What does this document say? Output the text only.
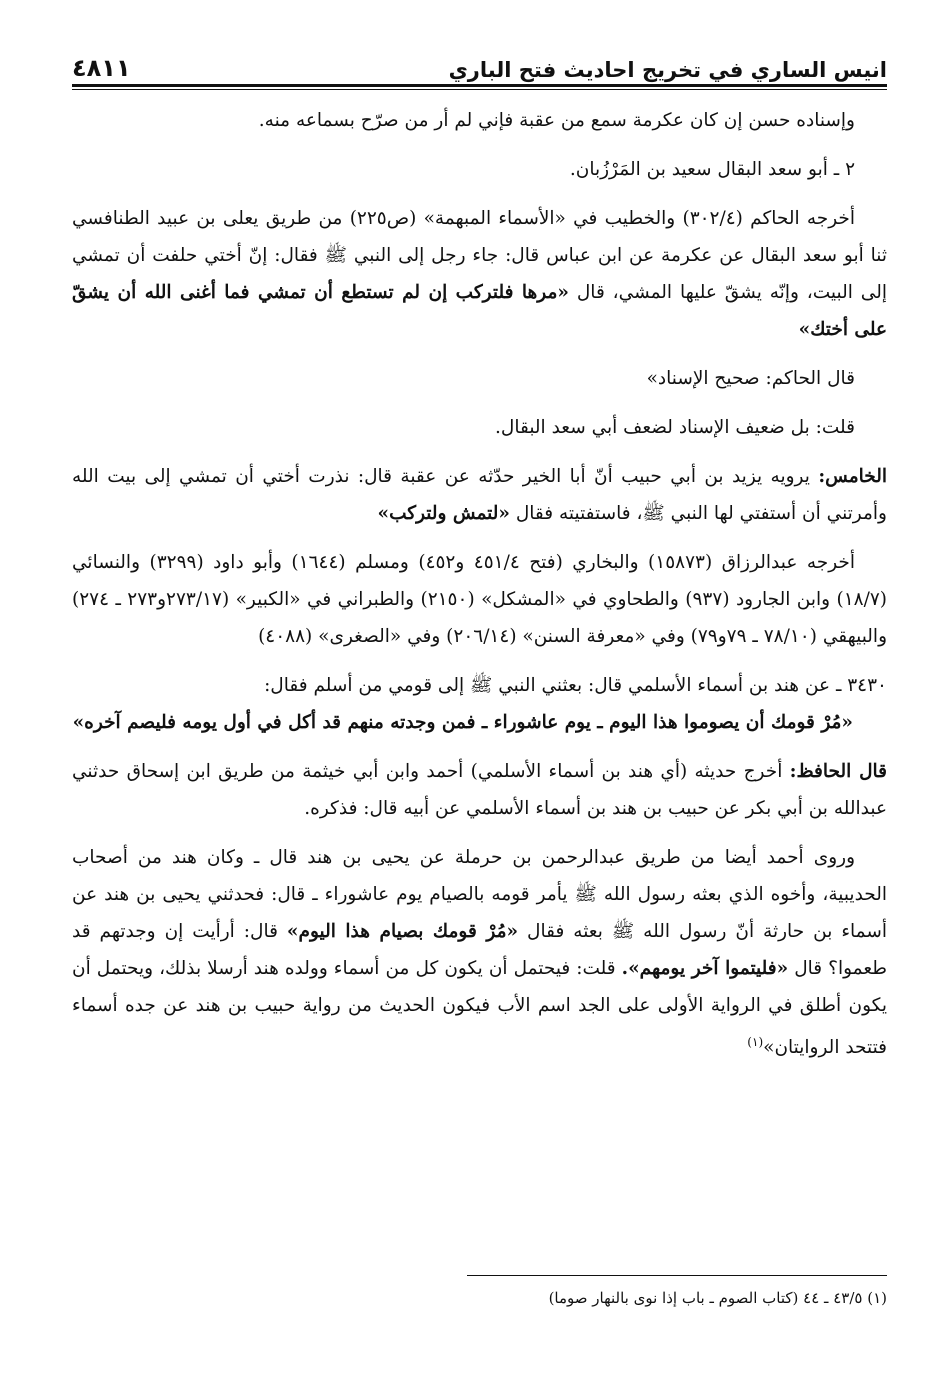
انيس الساري في تخريج احاديث فتح الباري
٤٨١١

وإسناده حسن إن كان عكرمة سمع من عقبة فإني لم أر من صرّح بسماعه منه.

٢ ـ أبو سعد البقال سعيد بن المَرْزُبان.

أخرجه الحاكم (٣٠٢/٤) والخطيب في «الأسماء المبهمة» (ص٢٢٥) من طريق يعلى بن عبيد الطنافسي ثنا أبو سعد البقال عن عكرمة عن ابن عباس قال: جاء رجل إلى النبي ﷺ فقال: إنّ أختي حلفت أن تمشي إلى البيت، وإنّه يشقّ عليها المشي، قال «مرها فلتركب إن لم تستطع أن تمشي فما أغنى الله أن يشقّ على أختك»

قال الحاكم: صحيح الإسناد»

قلت: بل ضعيف الإسناد لضعف أبي سعد البقال.

الخامس: يرويه يزيد بن أبي حبيب أنّ أبا الخير حدّثه عن عقبة قال: نذرت أختي أن تمشي إلى بيت الله وأمرتني أن أستفتي لها النبي ﷺ، فاستفتيته فقال «لتمش ولتركب»

أخرجه عبدالرزاق (١٥٨٧٣) والبخاري (فتح ٤٥١/٤ و٤٥٢) ومسلم (١٦٤٤) وأبو داود (٣٢٩٩) والنسائي (١٨/٧) وابن الجارود (٩٣٧) والطحاوي في «المشكل» (٢١٥٠) والطبراني في «الكبير» (٢٧٣/١٧و٢٧٣ ـ ٢٧٤) والبيهقي (٧٨/١٠ ـ ٧٩و٧٩) وفي «معرفة السنن» (٢٠٦/١٤) وفي «الصغرى» (٤٠٨٨)

٣٤٣٠ ـ عن هند بن أسماء الأسلمي قال: بعثني النبي ﷺ إلى قومي من أسلم فقال:

«مُرْ قومك أن يصوموا هذا اليوم ـ يوم عاشوراء ـ فمن وجدته منهم قد أكل في أول يومه فليصم آخره»

قال الحافظ: أخرج حديثه (أي هند بن أسماء الأسلمي) أحمد وابن أبي خيثمة من طريق ابن إسحاق حدثني عبدالله بن أبي بكر عن حبيب بن هند بن أسماء الأسلمي عن أبيه قال: فذكره.

وروى أحمد أيضا من طريق عبدالرحمن بن حرملة عن يحيى بن هند قال ـ وكان هند من أصحاب الحديبية، وأخوه الذي بعثه رسول الله ﷺ يأمر قومه بالصيام يوم عاشوراء ـ قال: فحدثني يحيى بن هند عن أسماء بن حارثة أنّ رسول الله ﷺ بعثه فقال «مُرْ قومك بصيام هذا اليوم» قال: أرأيت إن وجدتهم قد طعموا؟ قال «فليتموا آخر يومهم». قلت: فيحتمل أن يكون كل من أسماء وولده هند أرسلا بذلك، ويحتمل أن يكون أطلق في الرواية الأولى على الجد اسم الأب فيكون الحديث من رواية حبيب بن هند عن جده أسماء فتتحد الروايتان»$^{(١)}$

(١) ٤٣/٥ ـ ٤٤ (كتاب الصوم ـ باب إذا نوى بالنهار صوما)
